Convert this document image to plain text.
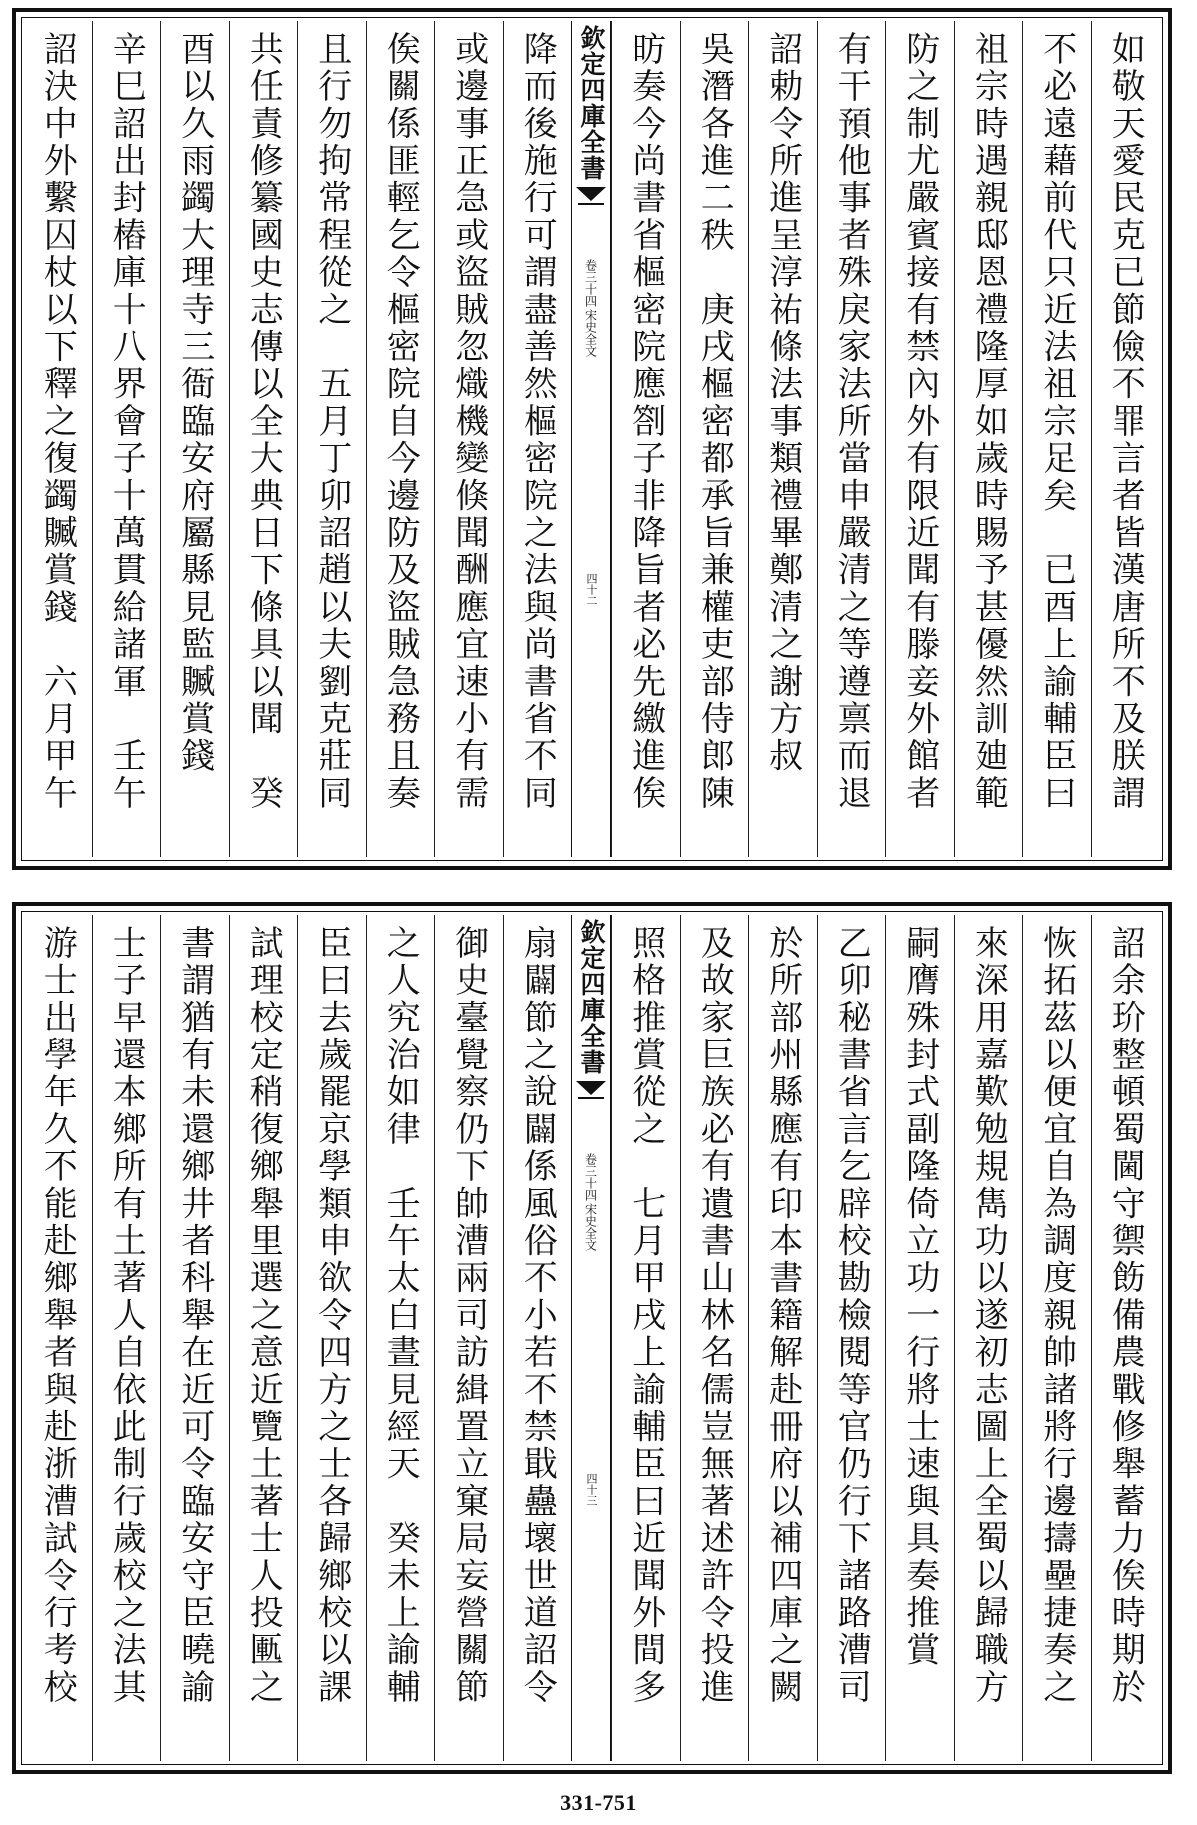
如敬天愛民克已節儉不罪言者皆漢唐所不及朕謂
不必遠藉前代只近法祖宗足矣　已酉上諭輔臣曰
祖宗時遇親邸恩禮隆厚如歲時賜予甚優然訓廸範
防之制尤嚴賓接有禁內外有限近聞有滕妾外館者
有干預他事者殊戾家法所當申嚴清之等遵禀而退
詔勅令所進呈淳祐條法事類禮畢鄭清之謝方叔
吳潛各進二秩　庚戌樞密都承旨兼權吏部侍郎陳
昉奏今尚書省樞密院應劄子非降旨者必先繳進俟
欽定四庫全書
宋史全文
卷三十四
四十二
降而後施行可謂盡善然樞密院之法與尚書省不同
或邊事正急或盜賊忽熾機變倏聞酬應宜速小有需
俟關係匪輕乞令樞密院自今邊防及盜賊急務且奏
且行勿拘常程從之　五月丁卯詔趙以夫劉克莊同
共任責修纂國史志傳以全大典日下條具以聞　癸
酉以久雨蠲大理寺三衙臨安府屬縣見監贓賞錢
辛巳詔出封樁庫十八界會子十萬貫給諸軍　壬午
詔決中外繫囚杖以下釋之復蠲贓賞錢　六月甲午
詔余玠整頓蜀閫守禦飭備農戰修舉蓄力俟時期於
恢拓茲以便宜自為調度親帥諸將行邊擣壘捷奏之
來深用嘉歎勉規雋功以遂初志圖上全蜀以歸職方
嗣膺殊封式副隆倚立功一行將士速與具奏推賞
乙卯秘書省言乞辟校勘檢閱等官仍行下諸路漕司
於所部州縣應有印本書籍解赴冊府以補四庫之闕
及故家巨族必有遺書山林名儒豈無著述許令投進
照格推賞從之　七月甲戌上諭輔臣曰近聞外間多
欽定四庫全書
宋史全文
卷三十四
四十三
扇闢節之說闢係風俗不小若不禁戢蠱壞世道詔令
御史臺覺察仍下帥漕兩司訪緝置立窠局妄營關節
之人究治如律　壬午太白晝見經天　癸未上諭輔
臣曰去歲罷京學類申欲令四方之士各歸鄉校以課
試理校定稍復鄉舉里選之意近覽土著士人投匭之
書謂猶有未還鄉井者科舉在近可令臨安守臣曉諭
士子早還本鄉所有土著人自依此制行歲校之法其
游士出學年久不能赴鄉舉者與赴浙漕試令行考校
331-751
